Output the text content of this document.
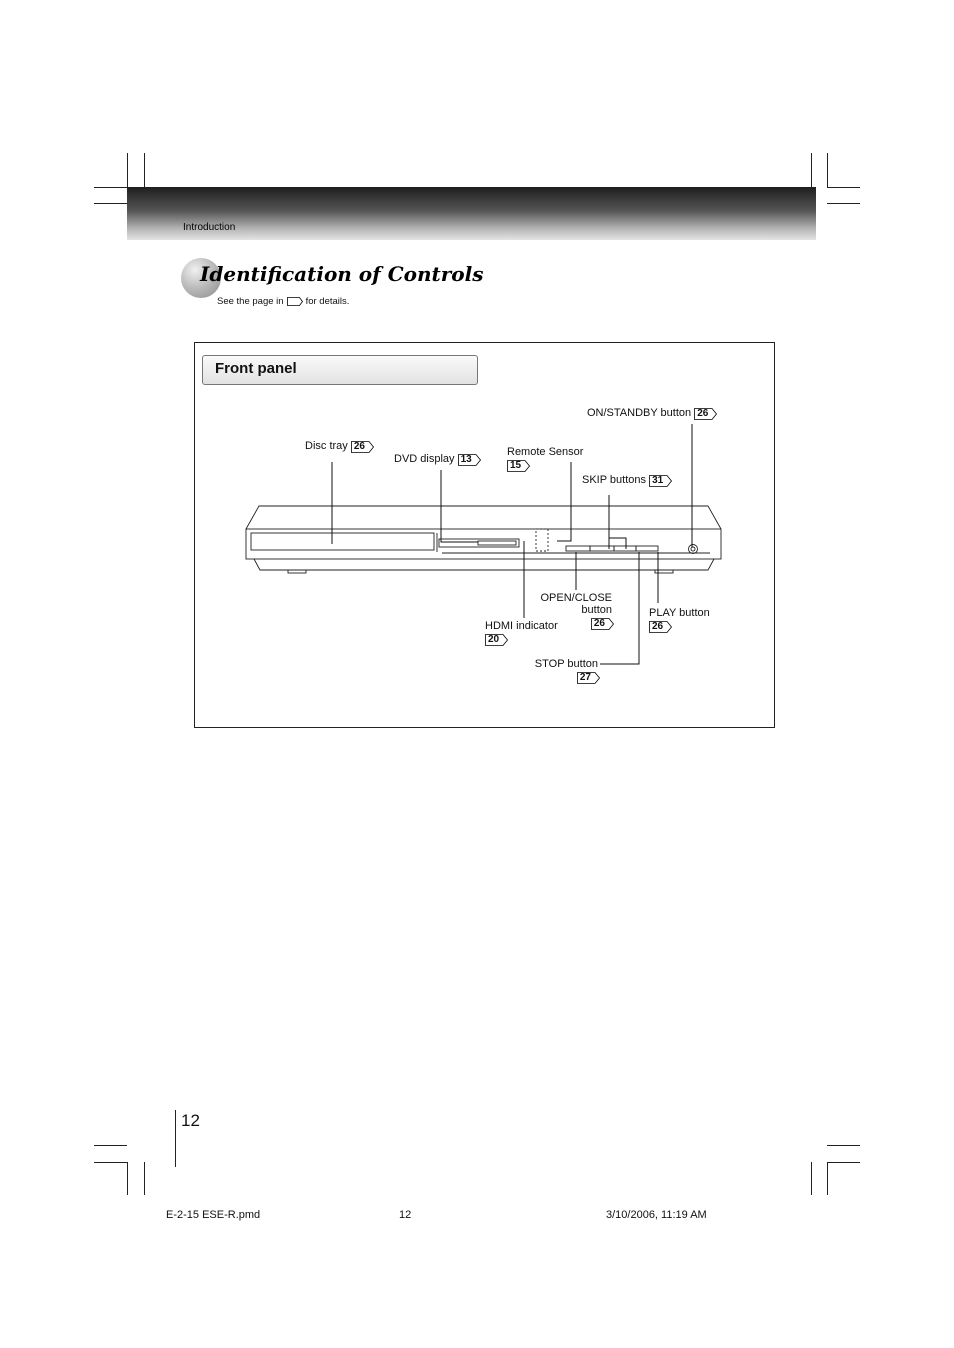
Introduction
Identification of Controls
See the page in for details.
Front panel
ON/STANDBY button 26
Disc tray 26
DVD display 13
Remote Sensor
15
SKIP buttons 31
OPEN/CLOSE
button
26
HDMI indicator
20
PLAY button
26
STOP button
27
12
E-2-15 ESE-R.pmd	12	3/10/2006, 11:19 AM
